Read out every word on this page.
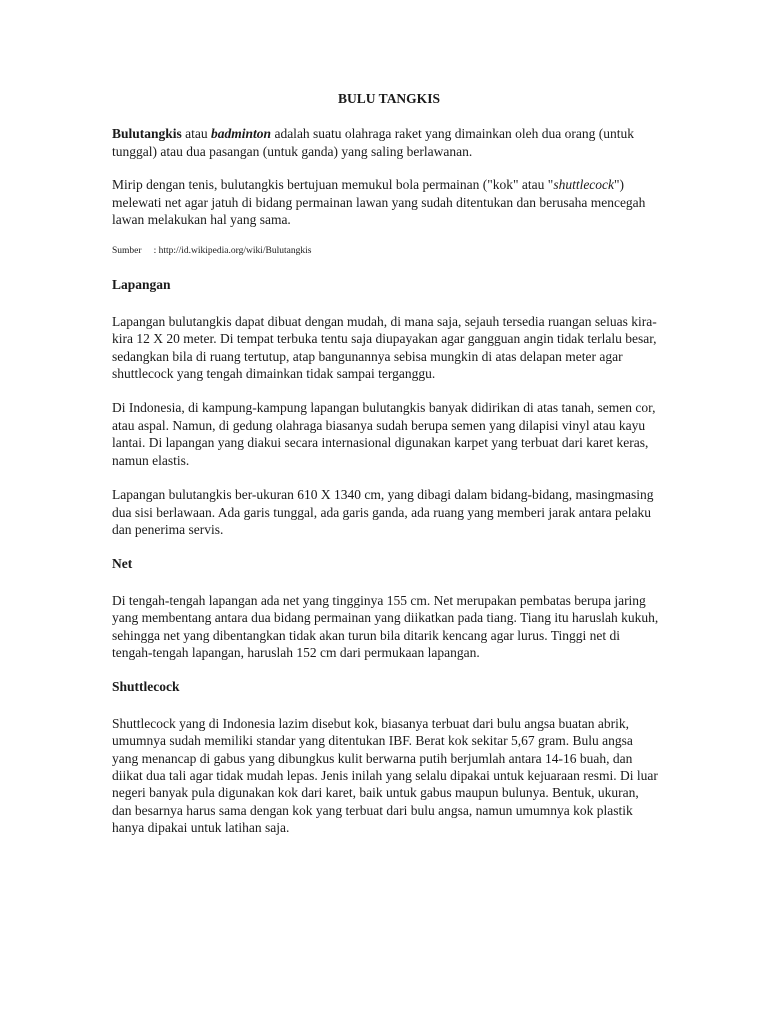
BULU TANGKIS

Bulutangkis atau badminton adalah suatu olahraga raket yang dimainkan oleh dua orang (untuk tunggal) atau dua pasangan (untuk ganda) yang saling berlawanan.

Mirip dengan tenis, bulutangkis bertujuan memukul bola permainan ("kok" atau "shuttlecock") melewati net agar jatuh di bidang permainan lawan yang sudah ditentukan dan berusaha mencegah lawan melakukan hal yang sama.

Sumber : http://id.wikipedia.org/wiki/Bulutangkis
Lapangan

Lapangan bulutangkis dapat dibuat dengan mudah, di mana saja, sejauh tersedia ruangan seluas kira-kira 12 X 20 meter. Di tempat terbuka tentu saja diupayakan agar gangguan angin tidak terlalu besar, sedangkan bila di ruang tertutup, atap bangunannya sebisa mungkin di atas delapan meter agar shuttlecock yang tengah dimainkan tidak sampai terganggu.

Di Indonesia, di kampung-kampung lapangan bulutangkis banyak didirikan di atas tanah, semen cor, atau aspal. Namun, di gedung olahraga biasanya sudah berupa semen yang dilapisi vinyl atau kayu lantai. Di lapangan yang diakui secara internasional digunakan karpet yang terbuat dari karet keras, namun elastis.

Lapangan bulutangkis ber-ukuran 610 X 1340 cm, yang dibagi dalam bidang-bidang, masingmasing dua sisi berlawaan. Ada garis tunggal, ada garis ganda, ada ruang yang memberi jarak antara pelaku dan penerima servis.

Net

Di tengah-tengah lapangan ada net yang tingginya 155 cm. Net merupakan pembatas berupa jaring yang membentang antara dua bidang permainan yang diikatkan pada tiang. Tiang itu haruslah kukuh, sehingga net yang dibentangkan tidak akan turun bila ditarik kencang agar lurus. Tinggi net di tengah-tengah lapangan, haruslah 152 cm dari permukaan lapangan.

Shuttlecock

Shuttlecock yang di Indonesia lazim disebut kok, biasanya terbuat dari bulu angsa buatan abrik, umumnya sudah memiliki standar yang ditentukan IBF. Berat kok sekitar 5,67 gram. Bulu angsa yang menancap di gabus yang dibungkus kulit berwarna putih berjumlah antara 14-16 buah, dan diikat dua tali agar tidak mudah lepas. Jenis inilah yang selalu dipakai untuk kejuaraan resmi. Di luar negeri banyak pula digunakan kok dari karet, baik untuk gabus maupun bulunya. Bentuk, ukuran, dan besarnya harus sama dengan kok yang terbuat dari bulu angsa, namun umumnya kok plastik hanya dipakai untuk latihan saja.
